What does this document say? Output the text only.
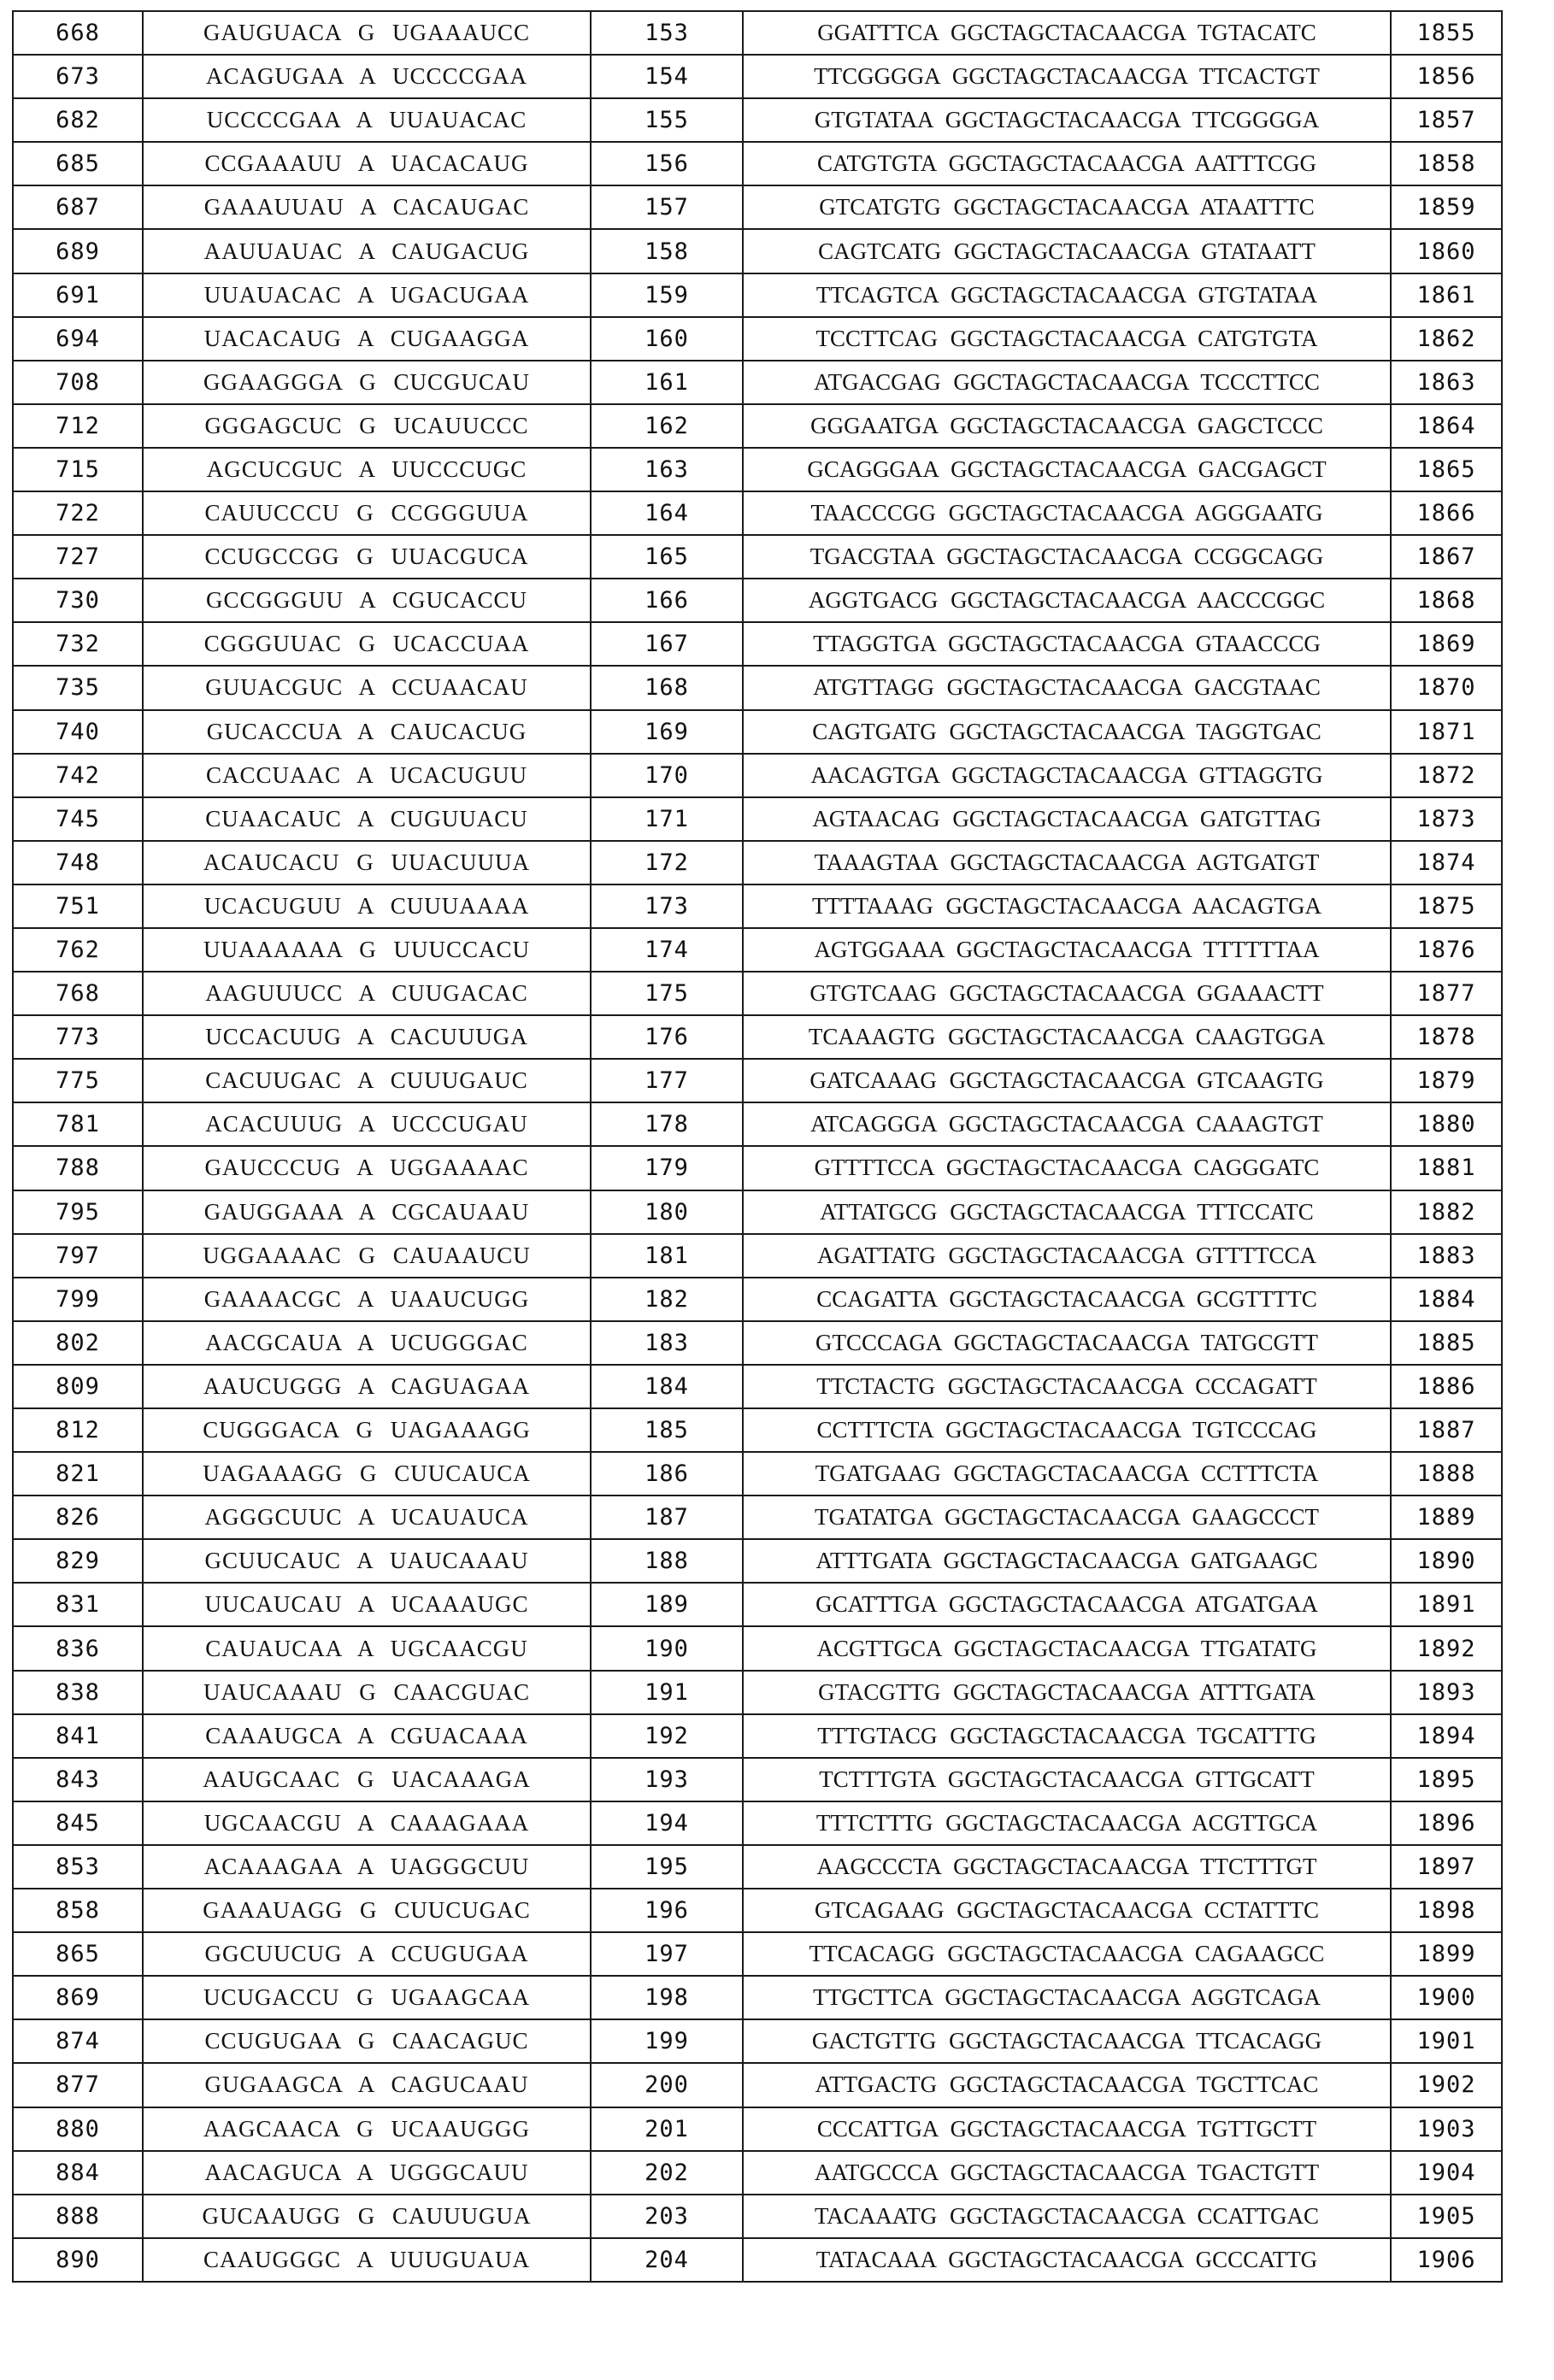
668	GAUGUACA G UGAAAUCC	153	GGATTTCA GGCTAGCTACAACGA TGTACATC	1855
673	ACAGUGAA A UCCCCGAA	154	TTCGGGGA GGCTAGCTACAACGA TTCACTGT	1856
682	UCCCCGAA A UUAUACAC	155	GTGTATAA GGCTAGCTACAACGA TTCGGGGA	1857
685	CCGAAAUU A UACACAUG	156	CATGTGTA GGCTAGCTACAACGA AATTTCGG	1858
687	GAAAUUAU A CACAUGAC	157	GTCATGTG GGCTAGCTACAACGA ATAATTTC	1859
689	AAUUAUAC A CAUGACUG	158	CAGTCATG GGCTAGCTACAACGA GTATAATT	1860
691	UUAUACAC A UGACUGAA	159	TTCAGTCA GGCTAGCTACAACGA GTGTATAA	1861
694	UACACAUG A CUGAAGGA	160	TCCTTCAG GGCTAGCTACAACGA CATGTGTA	1862
708	GGAAGGGA G CUCGUCAU	161	ATGACGAG GGCTAGCTACAACGA TCCCTTCC	1863
712	GGGAGCUC G UCAUUCCC	162	GGGAATGA GGCTAGCTACAACGA GAGCTCCC	1864
715	AGCUCGUC A UUCCCUGC	163	GCAGGGAA GGCTAGCTACAACGA GACGAGCT	1865
722	CAUUCCCU G CCGGGUUA	164	TAACCCGG GGCTAGCTACAACGA AGGGAATG	1866
727	CCUGCCGG G UUACGUCA	165	TGACGTAA GGCTAGCTACAACGA CCGGCAGG	1867
730	GCCGGGUU A CGUCACCU	166	AGGTGACG GGCTAGCTACAACGA AACCCGGC	1868
732	CGGGUUAC G UCACCUAA	167	TTAGGTGA GGCTAGCTACAACGA GTAACCCG	1869
735	GUUACGUC A CCUAACAU	168	ATGTTAGG GGCTAGCTACAACGA GACGTAAC	1870
740	GUCACCUA A CAUCACUG	169	CAGTGATG GGCTAGCTACAACGA TAGGTGAC	1871
742	CACCUAAC A UCACUGUU	170	AACAGTGA GGCTAGCTACAACGA GTTAGGTG	1872
745	CUAACAUC A CUGUUACU	171	AGTAACAG GGCTAGCTACAACGA GATGTTAG	1873
748	ACAUCACU G UUACUUUA	172	TAAAGTAA GGCTAGCTACAACGA AGTGATGT	1874
751	UCACUGUU A CUUUAAAA	173	TTTTAAAG GGCTAGCTACAACGA AACAGTGA	1875
762	UUAAAAAA G UUUCCACU	174	AGTGGAAA GGCTAGCTACAACGA TTTTTTAA	1876
768	AAGUUUCC A CUUGACAC	175	GTGTCAAG GGCTAGCTACAACGA GGAAACTT	1877
773	UCCACUUG A CACUUUGA	176	TCAAAGTG GGCTAGCTACAACGA CAAGTGGA	1878
775	CACUUGAC A CUUUGAUC	177	GATCAAAG GGCTAGCTACAACGA GTCAAGTG	1879
781	ACACUUUG A UCCCUGAU	178	ATCAGGGA GGCTAGCTACAACGA CAAAGTGT	1880
788	GAUCCCUG A UGGAAAAC	179	GTTTTCCA GGCTAGCTACAACGA CAGGGATC	1881
795	GAUGGAAA A CGCAUAAU	180	ATTATGCG GGCTAGCTACAACGA TTTCCATC	1882
797	UGGAAAAC G CAUAAUCU	181	AGATTATG GGCTAGCTACAACGA GTTTTCCA	1883
799	GAAAACGC A UAAUCUGG	182	CCAGATTA GGCTAGCTACAACGA GCGTTTTC	1884
802	AACGCAUA A UCUGGGAC	183	GTCCCAGA GGCTAGCTACAACGA TATGCGTT	1885
809	AAUCUGGG A CAGUAGAA	184	TTCTACTG GGCTAGCTACAACGA CCCAGATT	1886
812	CUGGGACA G UAGAAAGG	185	CCTTTCTA GGCTAGCTACAACGA TGTCCCAG	1887
821	UAGAAAGG G CUUCAUCA	186	TGATGAAG GGCTAGCTACAACGA CCTTTCTA	1888
826	AGGGCUUC A UCAUAUCA	187	TGATATGA GGCTAGCTACAACGA GAAGCCCT	1889
829	GCUUCAUC A UAUCAAAU	188	ATTTGATA GGCTAGCTACAACGA GATGAAGC	1890
831	UUCAUCAU A UCAAAUGC	189	GCATTTGA GGCTAGCTACAACGA ATGATGAA	1891
836	CAUAUCAA A UGCAACGU	190	ACGTTGCA GGCTAGCTACAACGA TTGATATG	1892
838	UAUCAAAU G CAACGUAC	191	GTACGTTG GGCTAGCTACAACGA ATTTGATA	1893
841	CAAAUGCA A CGUACAAA	192	TTTGTACG GGCTAGCTACAACGA TGCATTTG	1894
843	AAUGCAAC G UACAAAGA	193	TCTTTGTA GGCTAGCTACAACGA GTTGCATT	1895
845	UGCAACGU A CAAAGAAA	194	TTTCTTTG GGCTAGCTACAACGA ACGTTGCA	1896
853	ACAAAGAA A UAGGGCUU	195	AAGCCCTA GGCTAGCTACAACGA TTCTTTGT	1897
858	GAAAUAGG G CUUCUGAC	196	GTCAGAAG GGCTAGCTACAACGA CCTATTTC	1898
865	GGCUUCUG A CCUGUGAA	197	TTCACAGG GGCTAGCTACAACGA CAGAAGCC	1899
869	UCUGACCU G UGAAGCAA	198	TTGCTTCA GGCTAGCTACAACGA AGGTCAGA	1900
874	CCUGUGAA G CAACAGUC	199	GACTGTTG GGCTAGCTACAACGA TTCACAGG	1901
877	GUGAAGCA A CAGUCAAU	200	ATTGACTG GGCTAGCTACAACGA TGCTTCAC	1902
880	AAGCAACA G UCAAUGGG	201	CCCATTGA GGCTAGCTACAACGA TGTTGCTT	1903
884	AACAGUCA A UGGGCAUU	202	AATGCCCA GGCTAGCTACAACGA TGACTGTT	1904
888	GUCAAUGG G CAUUUGUA	203	TACAAATG GGCTAGCTACAACGA CCATTGAC	1905
890	CAAUGGGC A UUUGUAUA	204	TATACAAA GGCTAGCTACAACGA GCCCATTG	1906
